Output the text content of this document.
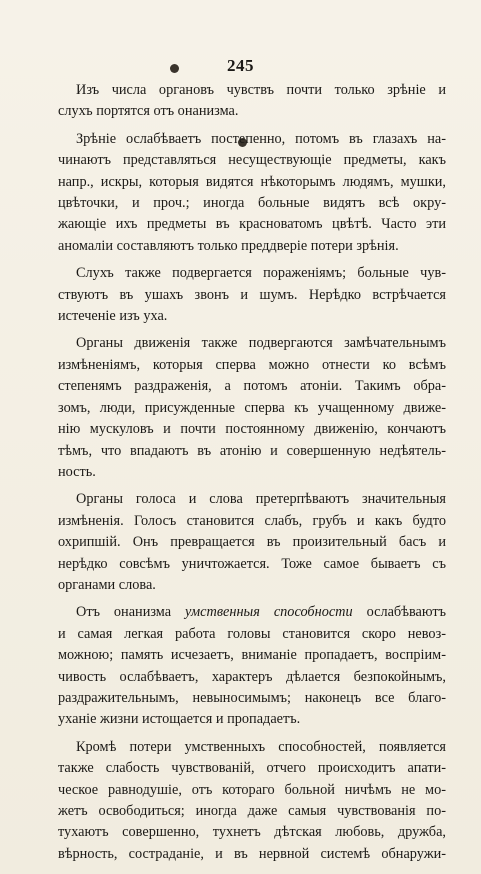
245

Изъ числа органовъ чувствъ почти только зрѣніе и
слухъ портятся отъ онанизма.

Зрѣніе ослабѣваетъ постепенно, потомъ въ глазахъ на-
чинаютъ представляться несуществующіе предметы, какъ
напр., искры, которыя видятся нѣкоторымъ людямъ, мушки,
цвѣточки, и проч.; иногда больные видятъ всѣ окру-
жающіе ихъ предметы въ красноватомъ цвѣтѣ. Часто эти
аномаліи составляютъ только преддверіе потери зрѣнія.

Слухъ также подвергается пораженіямъ; больные чув-
ствуютъ въ ушахъ звонъ и шумъ. Нерѣдко встрѣчается
истеченіе изъ уха.

Органы движенія также подвергаются замѣчательнымъ
измѣненіямъ, которыя сперва можно отнести ко всѣмъ
степенямъ раздраженія, а потомъ атоніи. Такимъ обра-
зомъ, люди, присужденные сперва къ учащенному движе-
нію мускуловъ и почти постоянному движенію, кончаютъ
тѣмъ, что впадаютъ въ атонію и совершенную недѣятель-
ность.

Органы голоса и слова претерпѣваютъ значительныя
измѣненія. Голосъ становится слабъ, грубъ и какъ будто
охрипшій. Онъ превращается въ произительный басъ и
нерѣдко совсѣмъ уничтожается. Тоже самое бываетъ съ
органами слова.

Отъ онанизма умственныя способности ослабѣваютъ
и самая легкая работа головы становится скоро невоз-
можною; память исчезаетъ, вниманіе пропадаетъ, воспріим-
чивость ослабѣваетъ, характеръ дѣлается безпокойнымъ,
раздражительнымъ, невыносимымъ; наконецъ все благо-
уханіе жизни истощается и пропадаетъ.

Кромѣ потери умственныхъ способностей, появляется
также слабость чувствованій, отчего происходитъ апати-
ческое равнодушіе, отъ котораго больной ничѣмъ не мо-
жетъ освободиться; иногда даже самыя чувствованія по-
тухаютъ совершенно, тухнетъ дѣтская любовь, дружба,
вѣрность, состраданіе, и въ нервной системѣ обнаружи-
